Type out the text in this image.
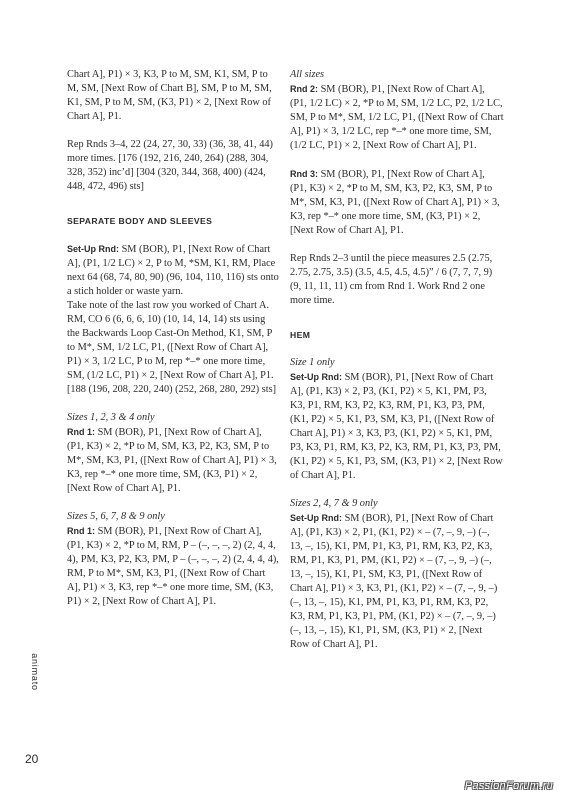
Chart A], P1) × 3, K3, P to M, SM, K1, SM, P to M, SM, [Next Row of Chart B], SM, P to M, SM, K1, SM, P to M, SM, (K3, P1) × 2, [Next Row of Chart A], P1.

Rep Rnds 3–4, 22 (24, 27, 30, 33) (36, 38, 41, 44) more times. [176 (192, 216, 240, 264) (288, 304, 328, 352) inc’d] [304 (320, 344, 368, 400) (424, 448, 472, 496) sts]

SEPARATE BODY AND SLEEVES

Set-Up Rnd: SM (BOR), P1, [Next Row of Chart A], (P1, 1/2 LC) × 2, P to M, *SM, K1, RM, Place next 64 (68, 74, 80, 90) (96, 104, 110, 116) sts onto a stich holder or waste yarn.

Take note of the last row you worked of Chart A.

RM, CO 6 (6, 6, 6, 10) (10, 14, 14, 14) sts using the Backwards Loop Cast-On Method, K1, SM, P to M*, SM, 1/2 LC, P1, ([Next Row of Chart A], P1) × 3, 1/2 LC, P to M, rep *–* one more time, SM, (1/2 LC, P1) × 2, [Next Row of Chart A], P1. [188 (196, 208, 220, 240) (252, 268, 280, 292) sts]

Sizes 1, 2, 3 & 4 only

Rnd 1: SM (BOR), P1, [Next Row of Chart A], (P1, K3) × 2, *P to M, SM, K3, P2, K3, SM, P to M*, SM, K3, P1, ([Next Row of Chart A], P1) × 3, K3, rep *–* one more time, SM, (K3, P1) × 2, [Next Row of Chart A], P1.

Sizes 5, 6, 7, 8 & 9 only

Rnd 1: SM (BOR), P1, [Next Row of Chart A], (P1, K3) × 2, *P to M, RM, P – (–, –, –, 2) (2, 4, 4, 4), PM, K3, P2, K3, PM, P – (–, –, –, 2) (2, 4, 4, 4), RM, P to M*, SM, K3, P1, ([Next Row of Chart A], P1) × 3, K3, rep *–* one more time, SM, (K3, P1) × 2, [Next Row of Chart A], P1.

All sizes

Rnd 2: SM (BOR), P1, [Next Row of Chart A], (P1, 1/2 LC) × 2, *P to M, SM, 1/2 LC, P2, 1/2 LC, SM, P to M*, SM, 1/2 LC, P1, ([Next Row of Chart A], P1) × 3, 1/2 LC, rep *–* one more time, SM, (1/2 LC, P1) × 2, [Next Row of Chart A], P1.

Rnd 3: SM (BOR), P1, [Next Row of Chart A], (P1, K3) × 2, *P to M, SM, K3, P2, K3, SM, P to M*, SM, K3, P1, ([Next Row of Chart A], P1) × 3, K3, rep *–* one more time, SM, (K3, P1) × 2, [Next Row of Chart A], P1.

Rep Rnds 2–3 until the piece measures 2.5 (2.75, 2.75, 2.75, 3.5) (3.5, 4.5, 4.5, 4.5)” / 6 (7, 7, 7, 9) (9, 11, 11, 11) cm from Rnd 1. Work Rnd 2 one more time.

HEM

Size 1 only

Set-Up Rnd: SM (BOR), P1, [Next Row of Chart A], (P1, K3) × 2, P3, (K1, P2) × 5, K1, PM, P3, K3, P1, RM, K3, P2, K3, RM, P1, K3, P3, PM, (K1, P2) × 5, K1, P3, SM, K3, P1, ([Next Row of Chart A], P1) × 3, K3, P3, (K1, P2) × 5, K1, PM, P3, K3, P1, RM, K3, P2, K3, RM, P1, K3, P3, PM, (K1, P2) × 5, K1, P3, SM, (K3, P1) × 2, [Next Row of Chart A], P1.

Sizes 2, 4, 7 & 9 only

Set-Up Rnd: SM (BOR), P1, [Next Row of Chart A], (P1, K3) × 2, P1, (K1, P2) × – (7, –, 9, –) (–, 13, –, 15), K1, PM, P1, K3, P1, RM, K3, P2, K3, RM, P1, K3, P1, PM, (K1, P2) × – (7, –, 9, –) (–, 13, –, 15), K1, P1, SM, K3, P1, ([Next Row of Chart A], P1) × 3, K3, P1, (K1, P2) × – (7, –, 9, –) (–, 13, –, 15), K1, PM, P1, K3, P1, RM, K3, P2, K3, RM, P1, K3, P1, PM, (K1, P2) × – (7, –, 9, –) (–, 13, –, 15), K1, P1, SM, (K3, P1) × 2, [Next Row of Chart A], P1.

animato
20
PassionForum.ru
